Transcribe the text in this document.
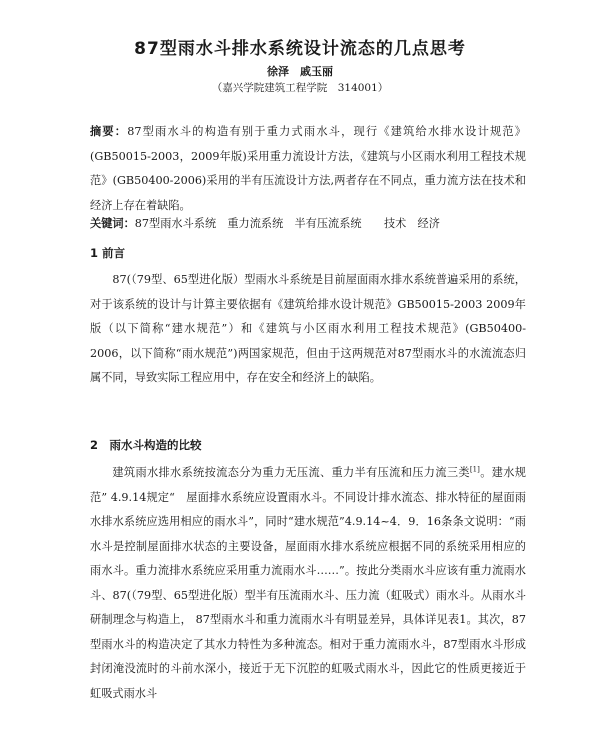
87型雨水斗排水系统设计流态的几点思考
徐泽　戚玉丽
（嘉兴学院建筑工程学院　314001）

摘要：87型雨水斗的构造有别于重力式雨水斗，现行《建筑给水排水设计规范》(GB50015-2003，2009年版)采用重力流设计方法，《建筑与小区雨水利用工程技术规范》(GB50400-2006)采用的半有压流设计方法,两者存在不同点，重力流方法在技术和经济上存在着缺陷。

关键词：87型雨水斗系统　重力流系统　半有压流系统　　技术　经济

1 前言

87(（79型、65型进化版）型雨水斗系统是目前屋面雨水排水系统普遍采用的系统，对于该系统的设计与计算主要依据有《建筑给排水设计规范》GB50015-2003 2009年版（以下简称“建水规范”）和《建筑与小区雨水利用工程技术规范》(GB50400-2006，以下简称“雨水规范”)两国家规范，但由于这两规范对87型雨水斗的水流流态归属不同，导致实际工程应用中，存在安全和经济上的缺陷。

2　雨水斗构造的比较

建筑雨水排水系统按流态分为重力无压流、重力半有压流和压力流三类[1]。建水规范” 4.9.14规定“　屋面排水系统应设置雨水斗。不同设计排水流态、排水特征的屋面雨水排水系统应选用相应的雨水斗”，同时“建水规范”4.9.14~4．9．16条条文说明：“雨水斗是控制屋面排水状态的主要设备，屋面雨水排水系统应根据不同的系统采用相应的雨水斗。重力流排水系统应采用重力流雨水斗……”。按此分类雨水斗应该有重力流雨水斗、87(（79型、65型进化版）型半有压流雨水斗、压力流（虹吸式）雨水斗。从雨水斗研制理念与构造上， 87型雨水斗和重力流雨水斗有明显差异，具体详见表1。其次，87型雨水斗的构造决定了其水力特性为多种流态。相对于重力流雨水斗，87型雨水斗形成封闭淹没流时的斗前水深小，接近于无下沉腔的虹吸式雨水斗，因此它的性质更接近于虹吸式雨水斗
